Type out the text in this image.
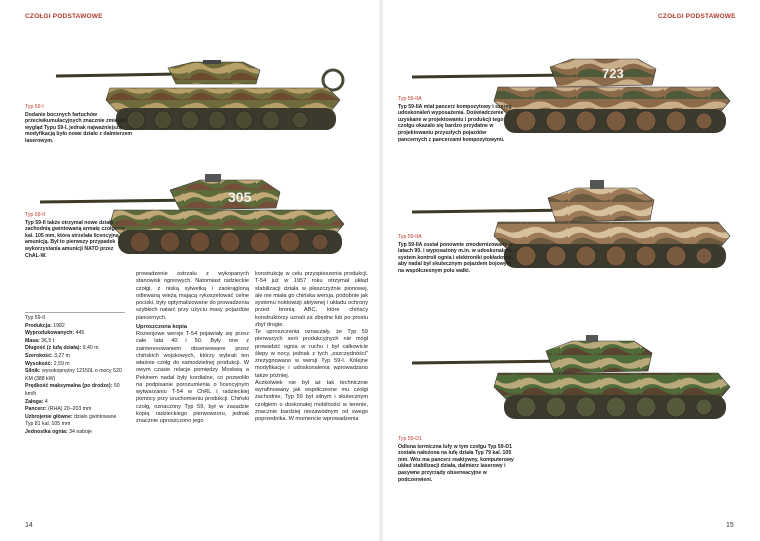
CZOŁGI PODSTAWOWE
Typ 59-I
Dodanie bocznych fartuchów przeciwkumulacyjnych znacznie zmieniło wygląd Typu 59-I, jednak najważniejszą modyfikacją było nowe działo z dalmierzem laserowym.
305
Typ 59-II
Typ 59-II także otrzymał nowe działo – zachodnią gwintowaną armatę czołgową kal. 105 mm, która strzelała licencyjną amunicją. Był to pierwszy przypadek wykorzystania amunicji NATO przez ChAL-W.
Typ 59-II
Produkcja: 1982
Wyprodukowanych: 445
Masa: 36,5 t
Długość (z lufą działa): 9,40 m
Szerokość: 3,27 m
Wysokość: 2,59 m
Silnik: wysokoprężny 12150L o mocy 520 KM (388 kW)
Prędkość maksymalna (po drodze): 50 km/h
Załoga: 4
Pancerz: (RHA) 20–203 mm
Uzbrojenie główne: działo gwintowane Typ 81 kal. 105 mm
Jednostka ognia: 34 naboje

prowadzenie ostrzału z wykopanych stanowisk ogniowych. Natomiast radzieckie czołgi, z niską sylwetką i zaokrągloną odlewaną wieżą mającą rykoszetować celne pociski, były optymalizowane do prowadzenia szybkich natarć przy użyciu masy pojazdów pancernych.

Uproszczona kopia

Rozwojowe wersje T-54 pojawiały się przez całe lata 40 i 50. Były one z zainteresowaniem obserwowane przez chińskich wojskowych, którzy wybrali ten właśnie czołg do samodzielnej produkcji. W owym czasie relacje pomiędzy Moskwą a Pekinem nadal były kordialne, co pozwoliło na podpisanie porozumienia o licencyjnym wytwarzaniu T-54 w ChRL i radzieckiej pomocy przy uruchomieniu produkcji. Chiński czołg, oznaczony Typ 59, był w zasadzie kopią radzieckiego pierwowzoru, jednak znacznie uproszczono jego

konstrukcję w celu przyspieszenia produkcji. T-54 już w 1957 roku otrzymał układ stabilizacji działa w płaszczyźnie pionowej, ale nie miała go chińska wersja, podobnie jak systemu noktowizji aktywnej i układu ochrony przed bronią ABC, które chińscy konstruktorzy uznali za zbędne lub po prostu zbyt drogie.

Te uproszczenia oznaczały, że Typ 59 pierwszych serii produkcyjnych nie mógł prowadzić ognia w ruchu i był całkowicie ślepy w nocy, jednak z tych „oszczędności" zrezygnowano w wersji Typ 59-I. Kolejne modyfikacje i udoskonalenia wprowadzano także później.

Aczkolwiek nie był aż tak technicznie wyrafinowany jak współczesne mu czołgi zachodnie, Typ 59 był silnym i skutecznym czołgiem o doskonałej mobilności w terenie, znacznie bardziej niezawodnym od swego poprzednika. W momencie wprowadzenia

14
CZOŁGI PODSTAWOWE
723
Typ 59-IIA
Typ 59-IIA miał pancerz kompozytowy i szereg udoskonaleń wyposażenia. Doświadczenie uzyskane w projektowaniu i produkcji tego czołgu okazało się bardzo przydatne w projektowaniu przyszłych pojazdów pancernych z pancerzami kompozytowymi.
Typ 59-IIA
Typ 59-IIA został ponownie zmodernizowany w latach 90. i wyposażony m.in. w udoskonalony system kontroli ognia i elektroniki pokładowej, aby nadal był skutecznym pojazdem bojowym na współczesnym polu walki.
Typ 59-D1
Odlona termiczna lufy w tym czołgu Typ 59-D1 została nałożona na lufę działa Typ 79 kal. 105 mm. Wóz ma pancerz reaktywny, komputerowy układ stabilizacji działa, dalmierz laserowy i pasywne przyrządy obserwacyjne w podczerwieni.
15
